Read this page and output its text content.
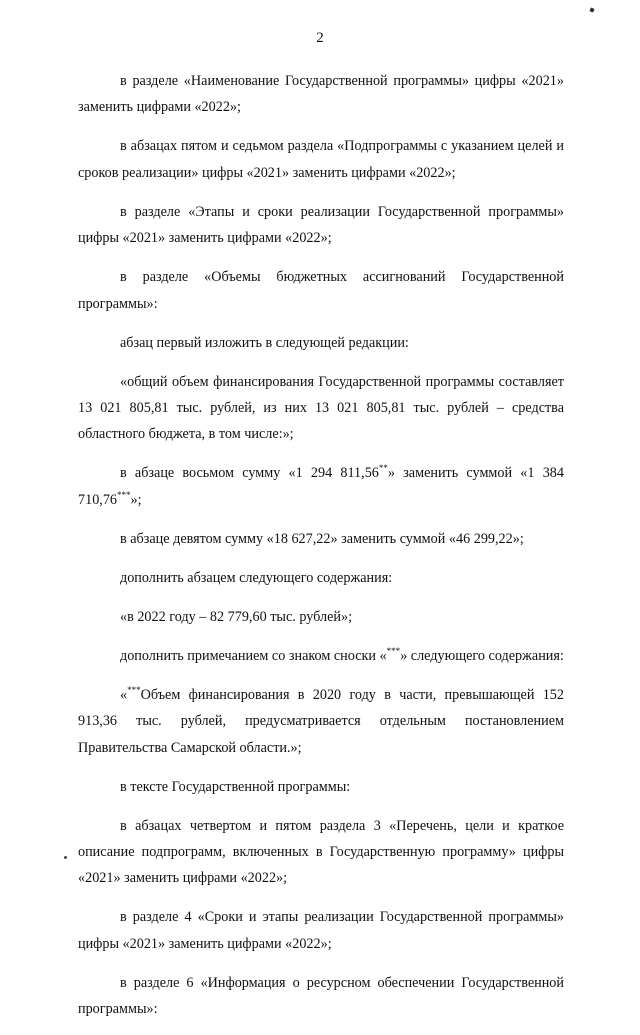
2

в разделе «Наименование Государственной программы» цифры «2021» заменить цифрами «2022»;

в абзацах пятом и седьмом раздела «Подпрограммы с указанием целей и сроков реализации» цифры «2021» заменить цифрами «2022»;

в разделе «Этапы и сроки реализации Государственной программы» цифры «2021» заменить цифрами «2022»;

в разделе «Объемы бюджетных ассигнований Государственной программы»:

абзац первый изложить в следующей редакции:

«общий объем финансирования Государственной программы составляет 13 021 805,81 тыс. рублей, из них 13 021 805,81 тыс. рублей – средства областного бюджета, в том числе:»;

в абзаце восьмом сумму «1 294 811,56**» заменить суммой «1 384 710,76***»;

в абзаце девятом сумму «18 627,22» заменить суммой «46 299,22»;

дополнить абзацем следующего содержания:

«в 2022 году – 82 779,60 тыс. рублей»;

дополнить примечанием со знаком сноски «***» следующего содержания:

«***Объем финансирования в 2020 году в части, превышающей 152 913,36 тыс. рублей, предусматривается отдельным постановлением Правительства Самарской области.»;

в тексте Государственной программы:

в абзацах четвертом и пятом раздела 3 «Перечень, цели и краткое описание подпрограмм, включенных в Государственную программу» цифры «2021» заменить цифрами «2022»;

в разделе 4 «Сроки и этапы реализации Государственной программы» цифры «2021» заменить цифрами «2022»;

в разделе 6 «Информация о ресурсном обеспечении Государственной программы»:
